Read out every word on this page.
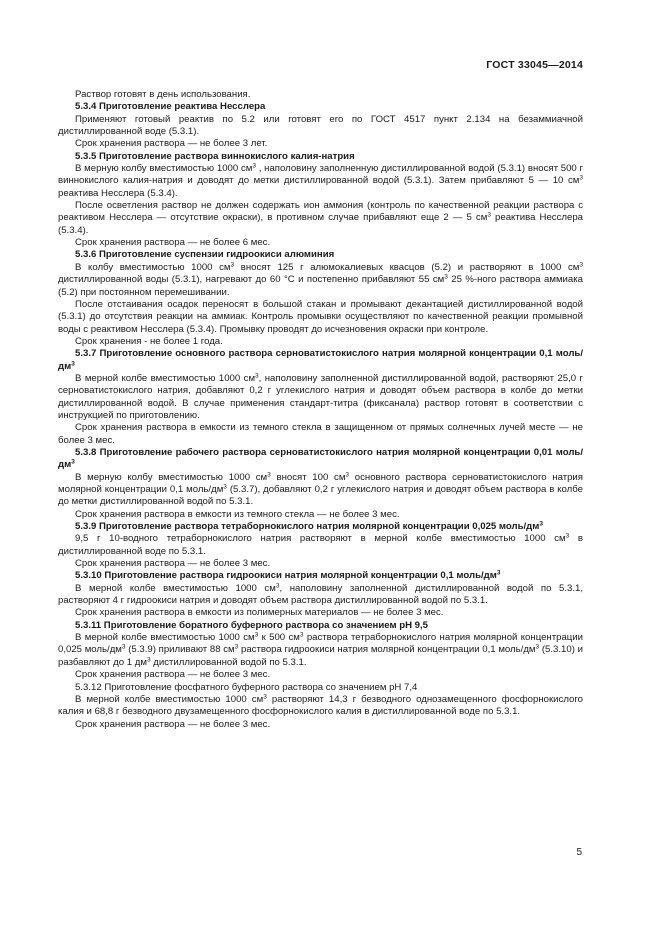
ГОСТ 33045—2014

Раствор готовят в день использования.

5.3.4 Приготовление реактива Несслера

Применяют готовый реактив по 5.2 или готовят его по ГОСТ 4517 пункт 2.134 на безаммиачной дистиллированной воде (5.3.1).

Срок хранения раствора — не более 3 лет.

5.3.5 Приготовление раствора виннокислого калия-натрия

В мерную колбу вместимостью 1000 $см^3$ , наполовину заполненную дистиллированной водой (5.3.1) вносят 500 г виннокислого калия-натрия и доводят до метки дистиллированной водой (5.3.1). Затем прибавляют 5 — 10 $см^3$ реактива Несслера (5.3.4).

После осветления раствор не должен содержать ион аммония (контроль по качественной реакции раствора с реактивом Несслера — отсутствие окраски), в противном случае прибавляют еще 2 — 5 $см^3$ реактива Несслера (5.3.4).

Срок хранения раствора — не более 6 мес.

5.3.6 Приготовление суспензии гидроокиси алюминия

В колбу вместимостью 1000 $см^3$ вносят 125 г алюмокалиевых квасцов (5.2) и растворяют в 1000 $см^3$ дистиллированной воды (5.3.1), нагревают до 60 °С и постепенно прибавляют 55 $см^3$ 25 %-ного раствора аммиака (5.2) при постоянном перемешивании.

После отстаивания осадок переносят в большой стакан и промывают декантацией дистиллированной водой (5.3.1) до отсутствия реакции на аммиак. Контроль промывки осуществляют по качественной реакции промывной воды с реактивом Несслера (5.3.4). Промывку проводят до исчезновения окраски при контроле.

Срок хранения - не более 1 года.

5.3.7 Приготовление основного раствора серноватистокислого натрия молярной концентрации 0,1 моль/$дм^3$

В мерной колбе вместимостью 1000 $см^3$, наполовину заполненной дистиллированной водой, растворяют 25,0 г серноватистокислого натрия, добавляют 0,2 г углекислого натрия и доводят объем раствора в колбе до метки дистиллированной водой. В случае применения стандарт-титра (фиксанала) раствор готовят в соответствии с инструкцией по приготовлению.

Срок хранения раствора в емкости из темного стекла в защищенном от прямых солнечных лучей месте — не более 3 мес.

5.3.8 Приготовление рабочего раствора серноватистокислого натрия молярной концентрации 0,01 моль/$дм^3$

В мерную колбу вместимостью 1000 $см^3$ вносят 100 $см^3$ основного раствора серноватистокислого натрия молярной концентрации 0,1 моль/$дм^3$ (5.3.7), добавляют 0,2 г углекислого натрия и доводят объем раствора в колбе до метки дистиллированной водой по 5.3.1.

Срок хранения раствора в емкости из темного стекла — не более 3 мес.

5.3.9 Приготовление раствора тетраборнокислого натрия молярной концентрации 0,025 моль/$дм^3$

9,5 г 10-водного тетраборнокислого натрия растворяют в мерной колбе вместимостью 1000 $см^3$ в дистиллированной воде по 5.3.1.

Срок хранения раствора — не более 3 мес.

5.3.10 Приготовление раствора гидроокиси натрия молярной концентрации 0,1 моль/$дм^3$

В мерной колбе вместимостью 1000 $см^3$, наполовину заполненной дистиллированной водой по 5.3.1, растворяют 4 г гидроокиси натрия и доводят объем раствора дистиллированной водой по 5.3.1.

Срок хранения раствора в емкости из полимерных материалов — не более 3 мес.

5.3.11 Приготовление боратного буферного раствора со значением рН 9,5

В мерной колбе вместимостью 1000 $см^3$ к 500 $см^3$ раствора тетраборнокислого натрия молярной концентрации 0,025 моль/$дм^3$ (5.3.9) приливают 88 $см^3$ раствора гидроокиси натрия молярной концентрации 0,1 моль/$дм^3$ (5.3.10) и разбавляют до 1 $дм^3$ дистиллированной водой по 5.3.1.

Срок хранения раствора — не более 3 мес.

5.3.12 Приготовление фосфатного буферного раствора со значением рН 7,4

В мерной колбе вместимостью 1000 $см^3$ растворяют 14,3 г безводного однозамещенного фосфорнокислого калия и 68,8 г безводного двузамещенного фосфорнокислого калия в дистиллированной воде по 5.3.1.

Срок хранения раствора — не более 3 мес.

5
